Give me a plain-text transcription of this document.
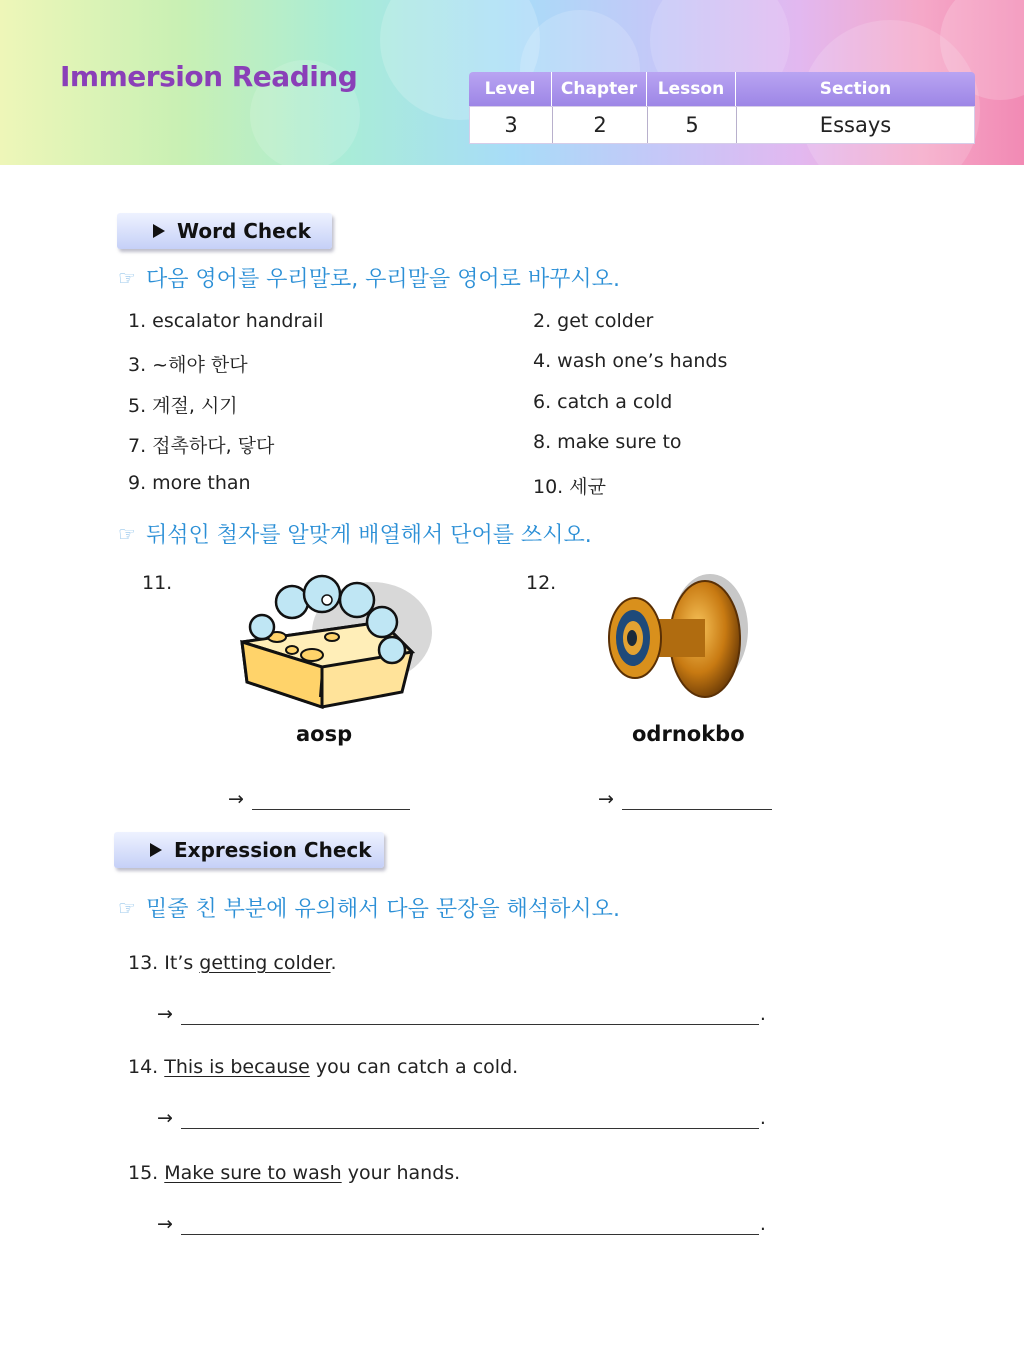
Immersion Reading	Level	Chapter	Lesson	Section
3	2	5	Essays
Word Check
☞ 다음 영어를 우리말로, 우리말을 영어로 바꾸시오.
1. escalator handrail	2. get colder
3. ~해야 한다	4. wash one’s hands
5. 계절, 시기	6. catch a cold
7. 접촉하다, 닿다	8. make sure to
9. more than	10. 세균
☞ 뒤섞인 철자를 알맞게 배열해서 단어를 쓰시오.
11.
aosp
→
12.
odrnokbo
→
Expression Check
☞ 밑줄 친 부분에 유의해서 다음 문장을 해석하시오.
13. It’s getting colder.
→	.
14. This is because you can catch a cold.
→	.
15. Make sure to wash your hands.
→	.
